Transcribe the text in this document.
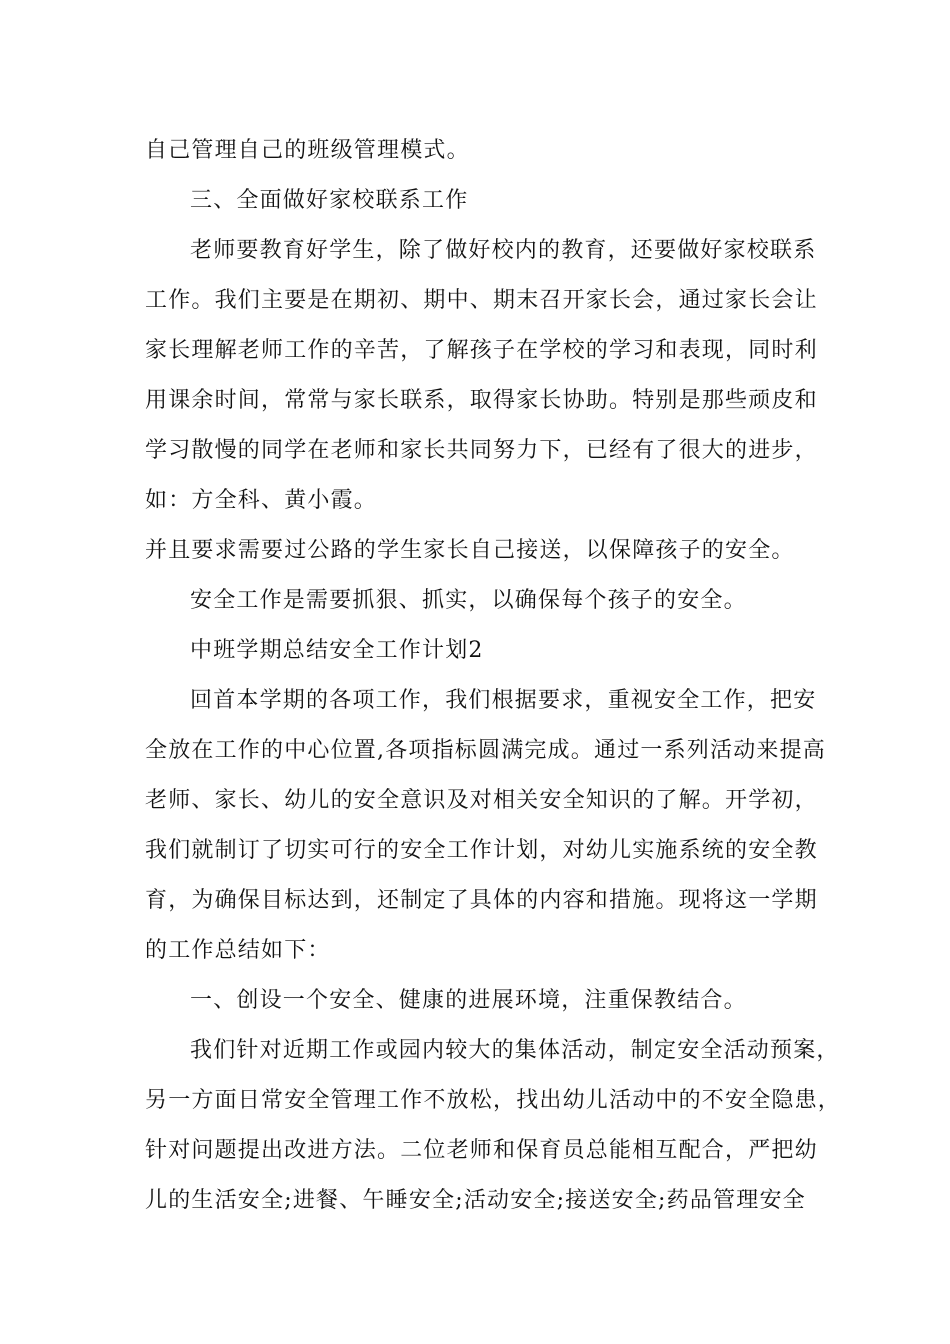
自己管理自己的班级管理模式。
三、全面做好家校联系工作
老师要教育好学生，除了做好校内的教育，还要做好家校联系
工作。我们主要是在期初、期中、期末召开家长会，通过家长会让
家长理解老师工作的辛苦，了解孩子在学校的学习和表现，同时利
用课余时间，常常与家长联系，取得家长协助。特别是那些顽皮和
学习散慢的同学在老师和家长共同努力下，已经有了很大的进步，
如：方全科、黄小霞。
并且要求需要过公路的学生家长自己接送，以保障孩子的安全。
安全工作是需要抓狠、抓实，以确保每个孩子的安全。
中班学期总结安全工作计划2
回首本学期的各项工作，我们根据要求，重视安全工作，把安
全放在工作的中心位置,各项指标圆满完成。通过一系列活动来提高
老师、家长、幼儿的安全意识及对相关安全知识的了解。开学初，
我们就制订了切实可行的安全工作计划，对幼儿实施系统的安全教
育，为确保目标达到，还制定了具体的内容和措施。现将这一学期
的工作总结如下：
一、创设一个安全、健康的进展环境，注重保教结合。
我们针对近期工作或园内较大的集体活动，制定安全活动预案，
另一方面日常安全管理工作不放松，找出幼儿活动中的不安全隐患，
针对问题提出改进方法。二位老师和保育员总能相互配合，严把幼
儿的生活安全;进餐、午睡安全;活动安全;接送安全;药品管理安全
